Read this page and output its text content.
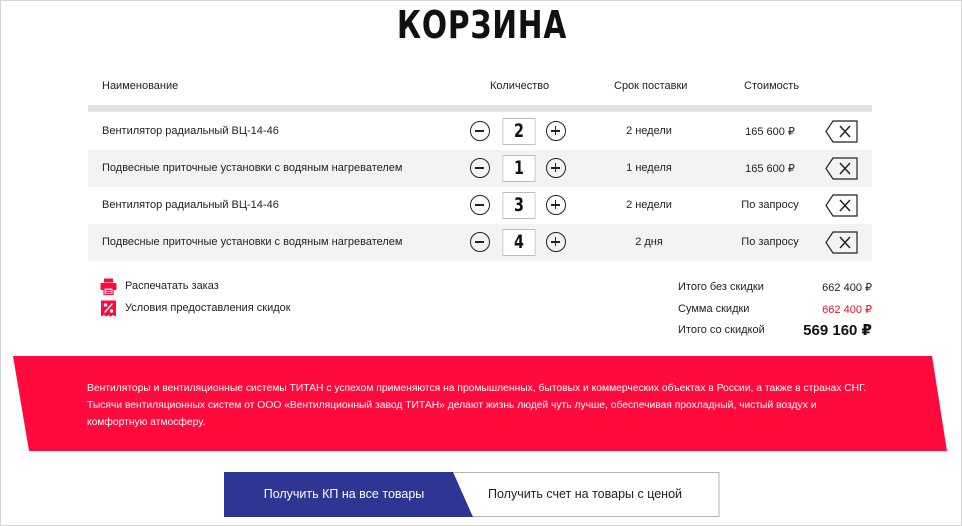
КОРЗИНА
Наименование	Количество	Срок поставки	Стоимость
Вентилятор радиальный ВЦ-14-46	2	2 недели	165 600 ₽
Подвесные приточные установки с водяным нагревателем	1	1 неделя	165 600 ₽
Вентилятор радиальный ВЦ-14-46	3	2 недели	По запросу
Подвесные приточные установки с водяным нагревателем	4	2 дня	По запросу
Распечатать заказ
Условия предоставления скидок
Итого без скидки	662 400 ₽
Сумма скидки	662 400 ₽
Итого со скидкой	569 160 ₽

Вентиляторы и вентиляционные системы ТИТАН с успехом применяются на промышленных, бытовых и коммерческих объектах в России, а также в странах СНГ. Тысячи вентиляционных систем от ООО «Вентиляционный завод ТИТАН» делают жизнь людей чуть лучше, обеспечивая прохладный, чистый воздух и комфортную атмосферу.

Получить КП на все товары	Получить счет на товары с ценой
